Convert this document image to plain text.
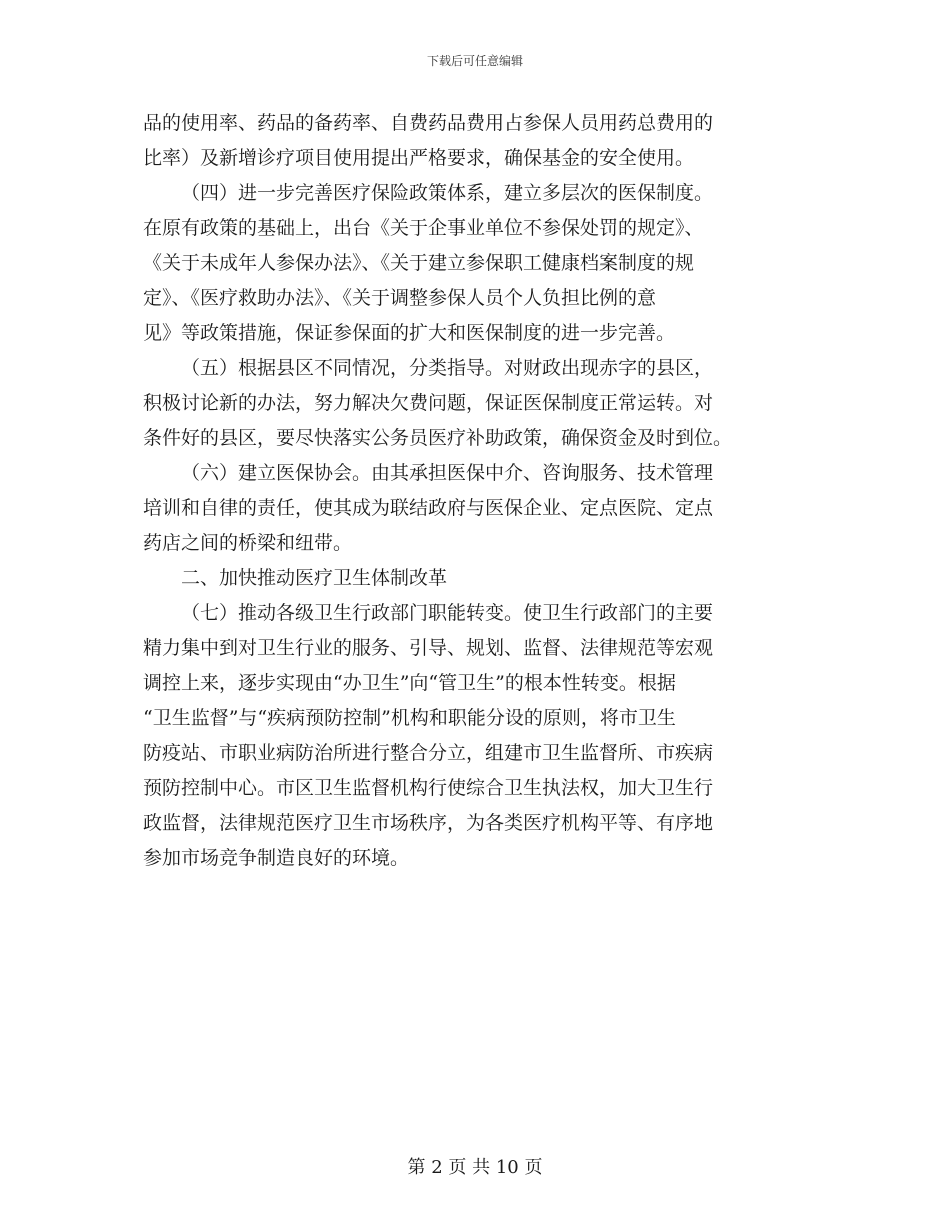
下载后可任意编辑
品的使用率、药品的备药率、自费药品费用占参保人员用药总费用的
比率）及新增诊疗项目使用提出严格要求，确保基金的安全使用。
（四）进一步完善医疗保险政策体系，建立多层次的医保制度。
在原有政策的基础上，出台《关于企事业单位不参保处罚的规定》、
《关于未成年人参保办法》、《关于建立参保职工健康档案制度的规
定》、《医疗救助办法》、《关于调整参保人员个人负担比例的意
见》等政策措施，保证参保面的扩大和医保制度的进一步完善。
（五）根据县区不同情况，分类指导。对财政出现赤字的县区，
积极讨论新的办法，努力解决欠费问题，保证医保制度正常运转。对
条件好的县区，要尽快落实公务员医疗补助政策，确保资金及时到位。
（六）建立医保协会。由其承担医保中介、咨询服务、技术管理
培训和自律的责任，使其成为联结政府与医保企业、定点医院、定点
药店之间的桥梁和纽带。
二、加快推动医疗卫生体制改革
（七）推动各级卫生行政部门职能转变。使卫生行政部门的主要
精力集中到对卫生行业的服务、引导、规划、监督、法律规范等宏观
调控上来，逐步实现由“办卫生”向“管卫生”的根本性转变。根据
“卫生监督”与“疾病预防控制”机构和职能分设的原则，将市卫生
防疫站、市职业病防治所进行整合分立，组建市卫生监督所、市疾病
预防控制中心。市区卫生监督机构行使综合卫生执法权，加大卫生行
政监督，法律规范医疗卫生市场秩序，为各类医疗机构平等、有序地
参加市场竞争制造良好的环境。
第 2 页 共 10 页
